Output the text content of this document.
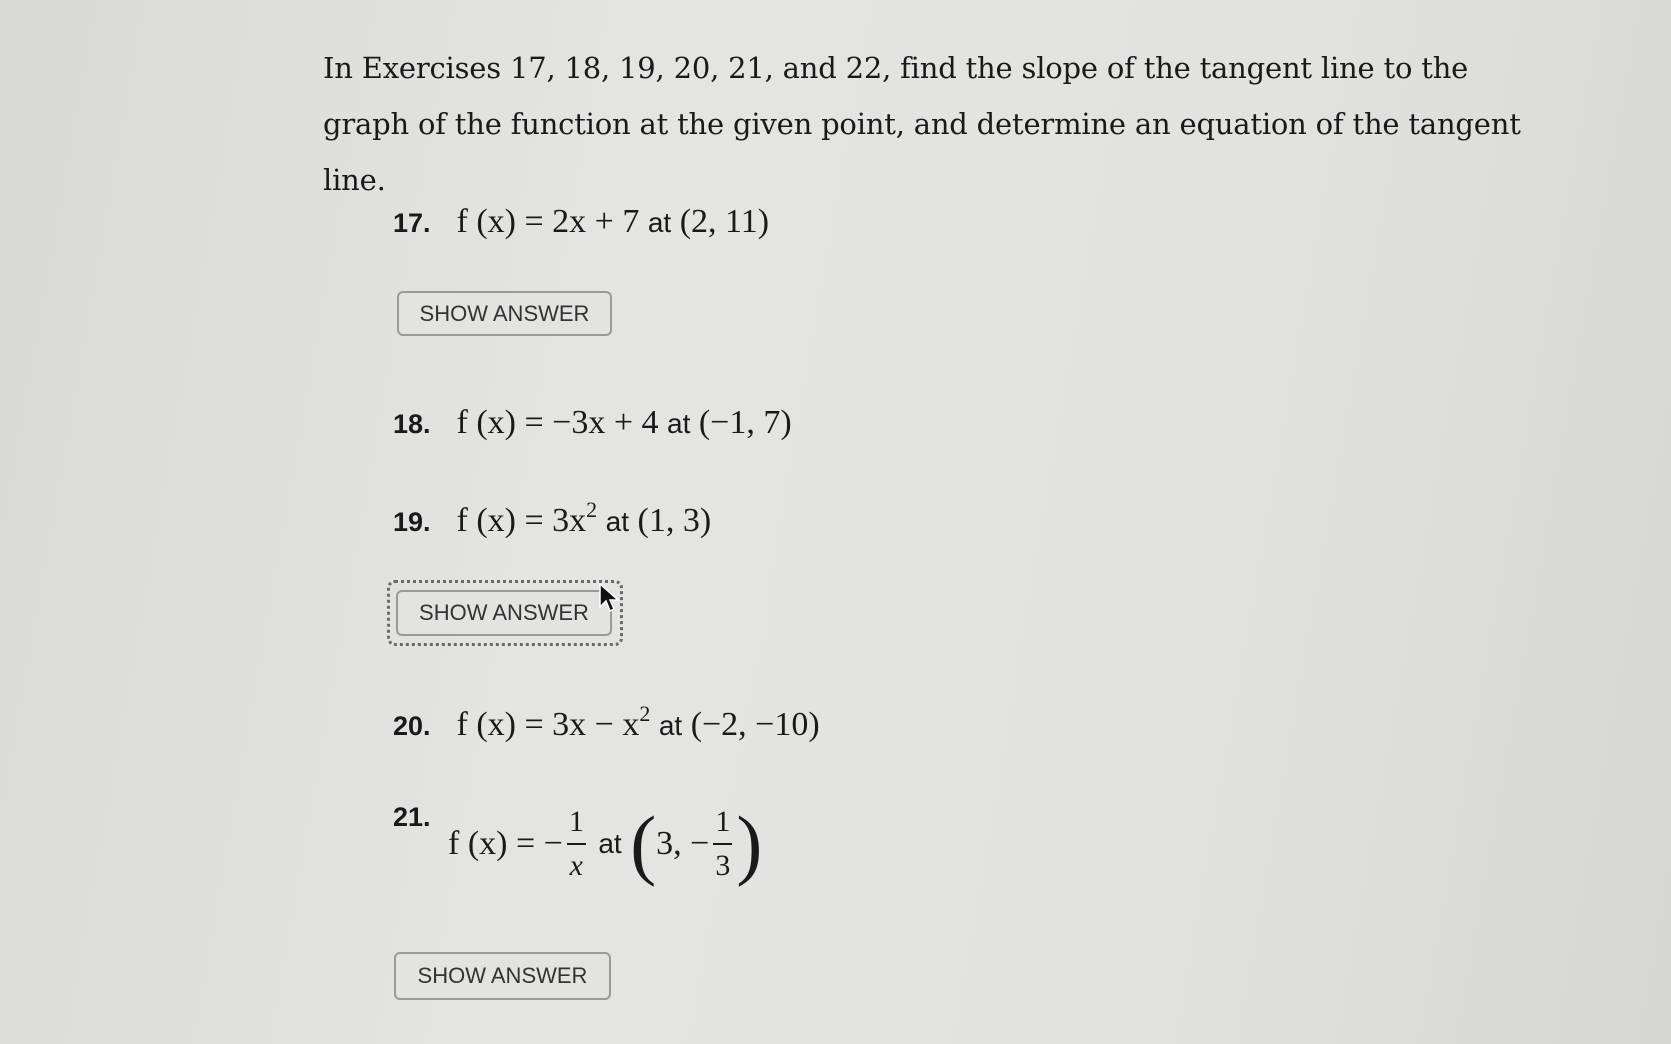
In Exercises 17, 18, 19, 20, 21, and 22, find the slope of the tangent line to the graph of the function at the given point, and determine an equation of the tangent line.
17. f (x) = 2x + 7 at (2, 11)
SHOW ANSWER
18. f (x) = −3x + 4 at (−1, 7)
19. f $(x) = 3x^2$ at (1, 3)
SHOW ANSWER
20. f $(x) = 3x - x^2$ at (−2, −10)
21.
f (x) = − $\frac{1}{x}$ at (3, − $\frac{1}{3}$ )
SHOW ANSWER
